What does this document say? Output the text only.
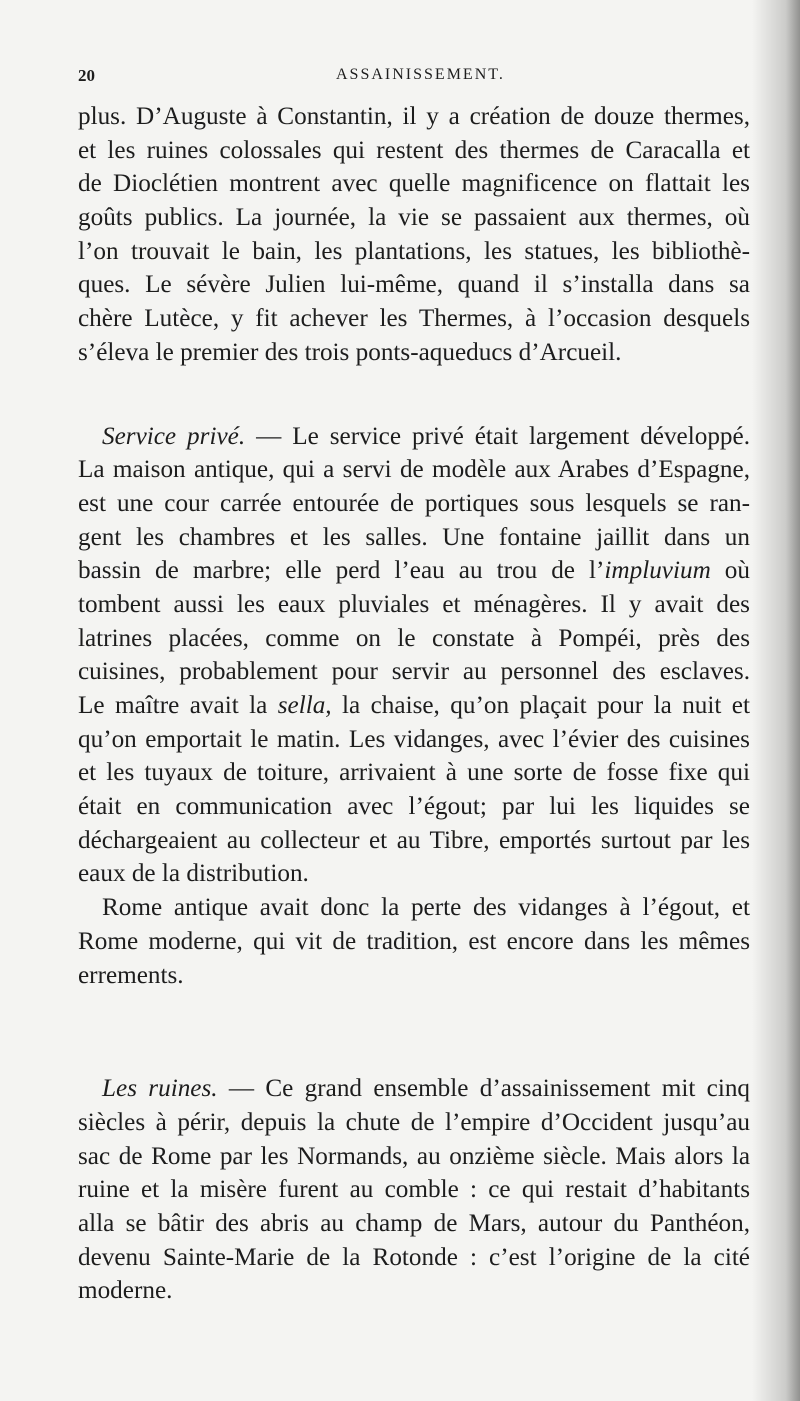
20	ASSAINISSEMENT.

plus. D’Auguste à Constantin, il y a création de douze thermes,
et les ruines colossales qui restent des thermes de Caracalla et
de Dioclétien montrent avec quelle magnificence on flattait les
goûts publics. La journée, la vie se passaient aux thermes, où
l’on trouvait le bain, les plantations, les statues, les bibliothè-
ques. Le sévère Julien lui-même, quand il s’installa dans sa
chère Lutèce, y fit achever les Thermes, à l’occasion desquels
s’éleva le premier des trois ponts-aqueducs d’Arcueil.

Service privé. — Le service privé était largement développé.
La maison antique, qui a servi de modèle aux Arabes d’Espagne,
est une cour carrée entourée de portiques sous lesquels se ran-
gent les chambres et les salles. Une fontaine jaillit dans un
bassin de marbre; elle perd l’eau au trou de l’impluvium où
tombent aussi les eaux pluviales et ménagères. Il y avait des
latrines placées, comme on le constate à Pompéi, près des
cuisines, probablement pour servir au personnel des esclaves.
Le maître avait la sella, la chaise, qu’on plaçait pour la nuit et
qu’on emportait le matin. Les vidanges, avec l’évier des cuisines
et les tuyaux de toiture, arrivaient à une sorte de fosse fixe qui
était en communication avec l’égout; par lui les liquides se
déchargeaient au collecteur et au Tibre, emportés surtout par les
eaux de la distribution.

Rome antique avait donc la perte des vidanges à l’égout, et
Rome moderne, qui vit de tradition, est encore dans les mêmes
errements.

Les ruines. — Ce grand ensemble d’assainissement mit cinq
siècles à périr, depuis la chute de l’empire d’Occident jusqu’au
sac de Rome par les Normands, au onzième siècle. Mais alors la
ruine et la misère furent au comble : ce qui restait d’habitants
alla se bâtir des abris au champ de Mars, autour du Panthéon,
devenu Sainte-Marie de la Rotonde : c’est l’origine de la cité
moderne.
